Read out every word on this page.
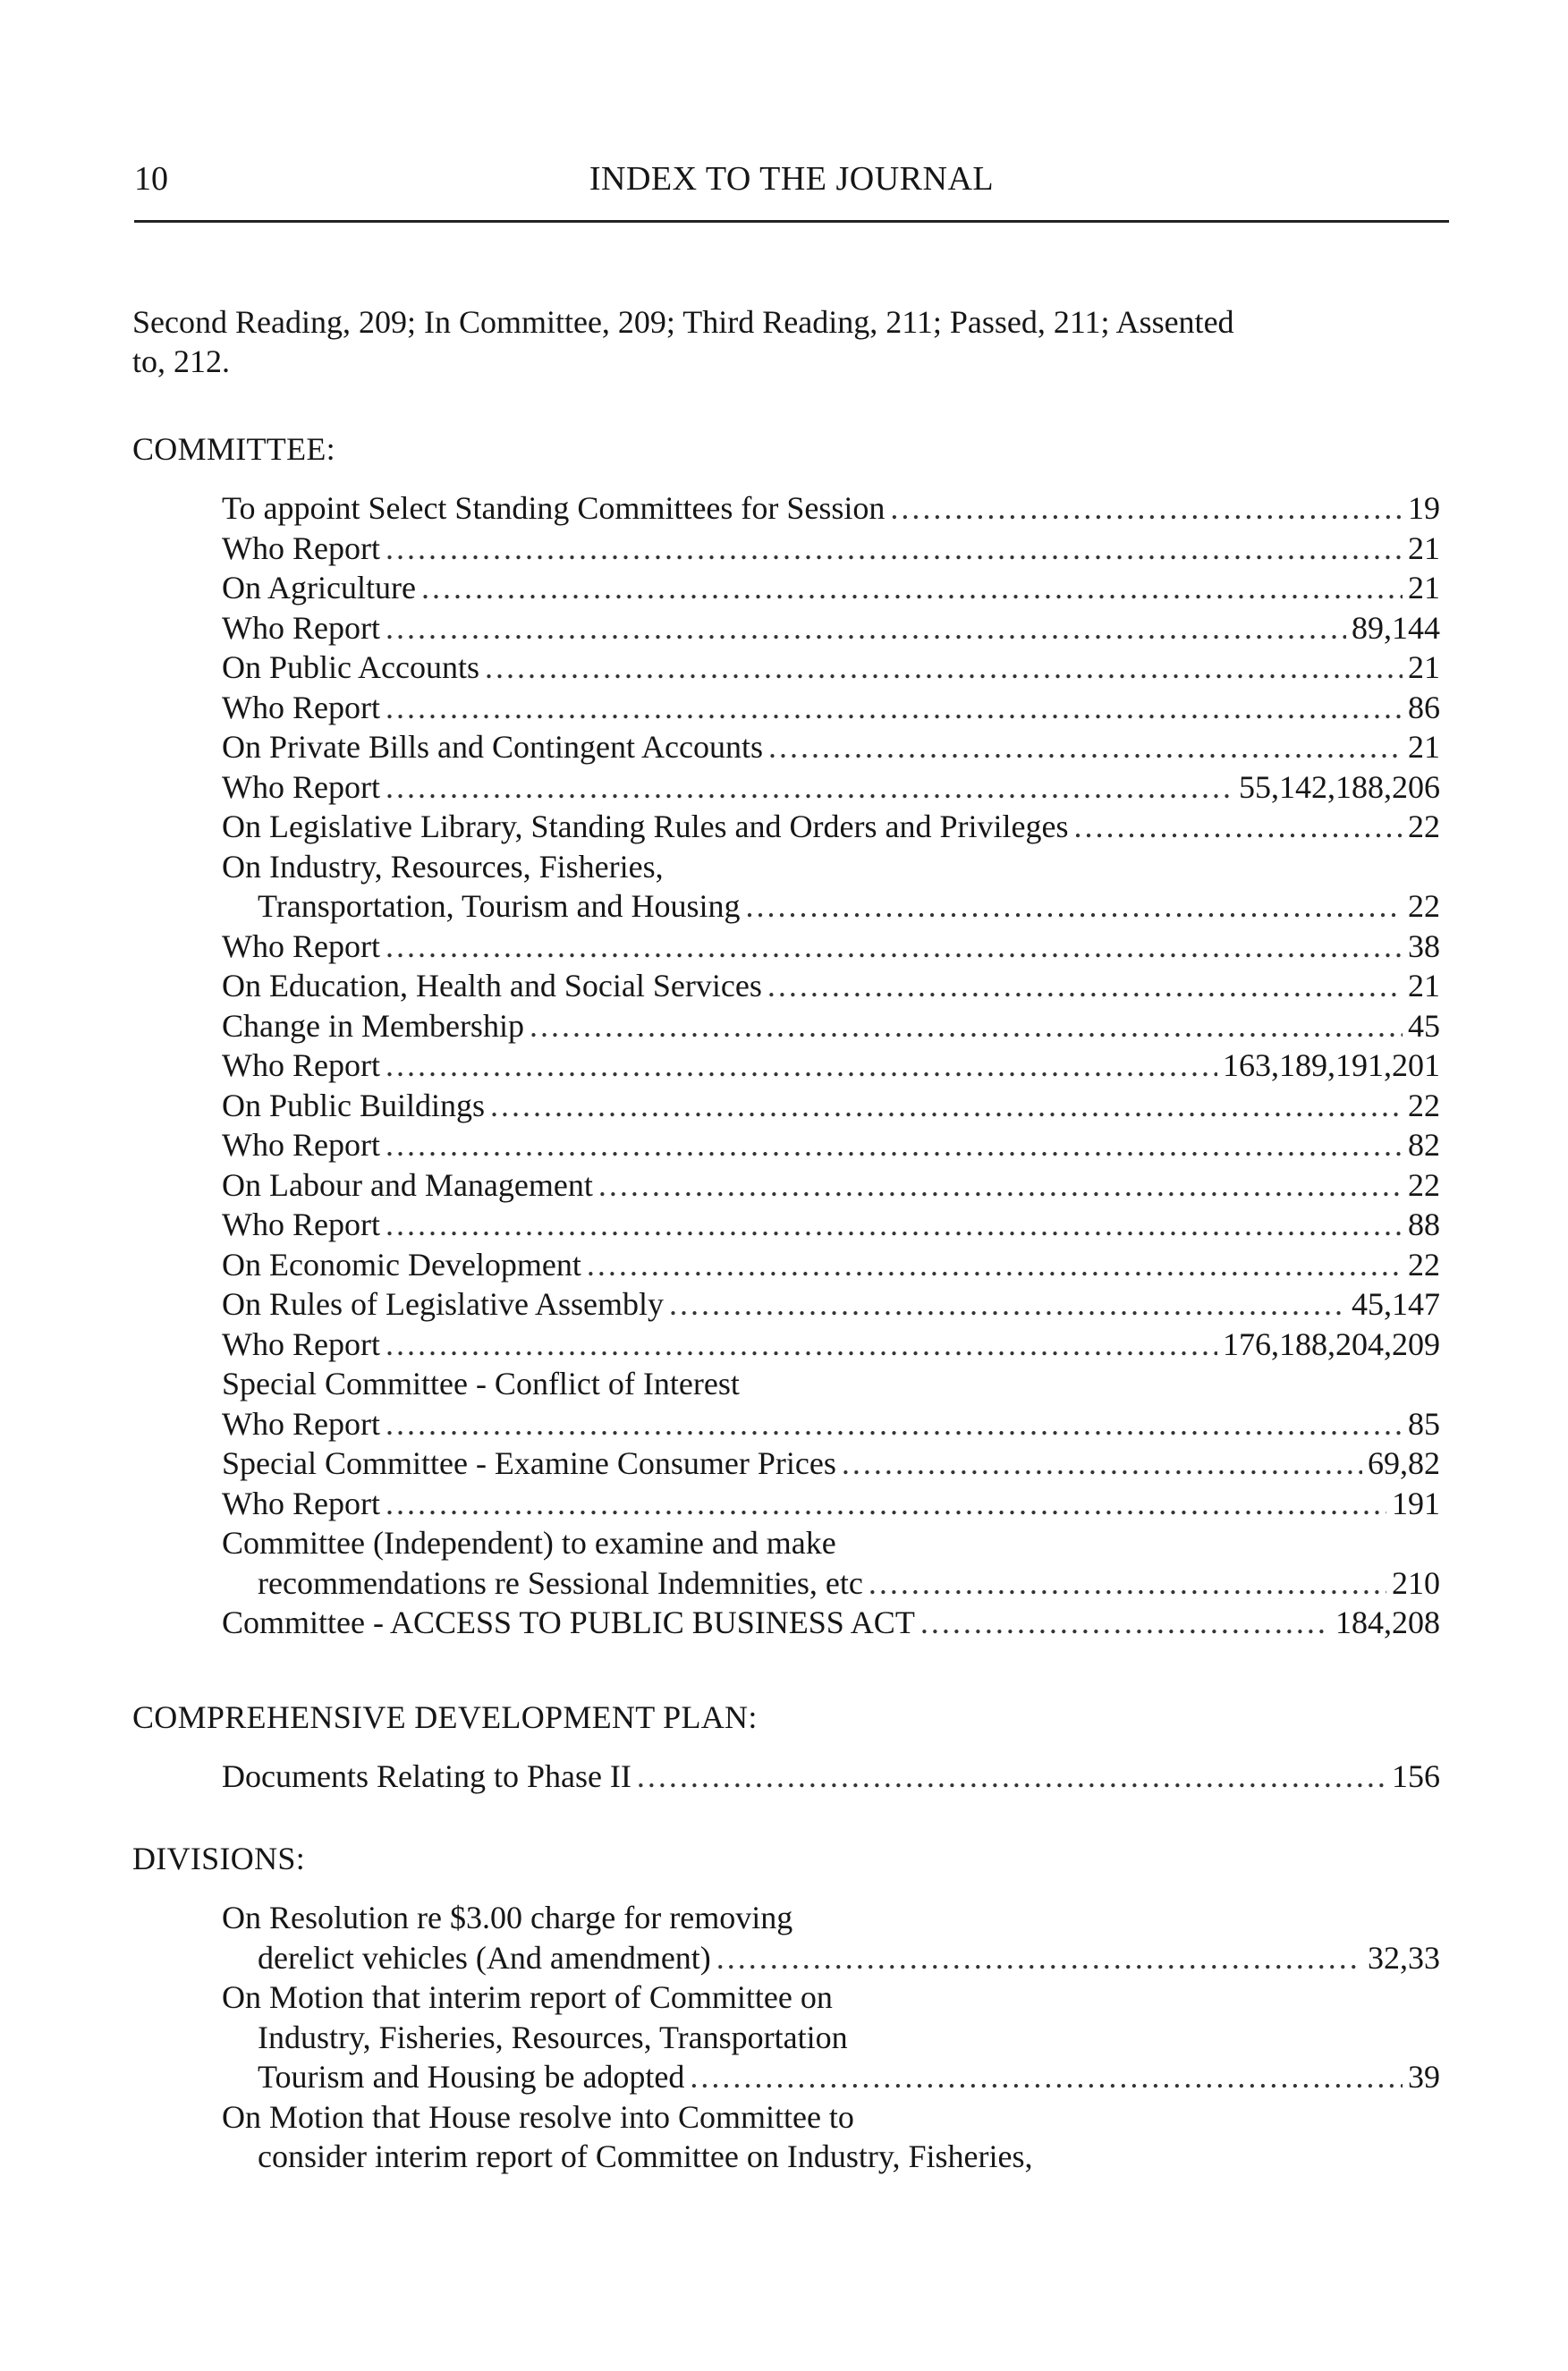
10	INDEX TO THE JOURNAL
Second Reading, 209; In Committee, 209; Third Reading, 211; Passed, 211; Assented
to, 212.
COMMITTEE:
To appoint Select Standing Committees for Session .....	19
Who Report .....	21
On Agriculture .....	21
Who Report .....	89,144
On Public Accounts .....	21
Who Report .....	86
On Private Bills and Contingent Accounts .....	21
Who Report .....	55,142,188,206
On Legislative Library, Standing Rules and Orders and Privileges .....	22
On Industry, Resources, Fisheries,
Transportation, Tourism and Housing .....	22
Who Report .....	38
On Education, Health and Social Services .....	21
Change in Membership .....	45
Who Report .....	163,189,191,201
On Public Buildings .....	22
Who Report .....	82
On Labour and Management .....	22
Who Report .....	88
On Economic Development .....	22
On Rules of Legislative Assembly .....	45,147
Who Report .....	176,188,204,209
Special Committee - Conflict of Interest
Who Report .....	85
Special Committee - Examine Consumer Prices .....	69,82
Who Report .....	191
Committee (Independent) to examine and make
recommendations re Sessional Indemnities, etc .....	210
Committee - ACCESS TO PUBLIC BUSINESS ACT .....	184,208
COMPREHENSIVE DEVELOPMENT PLAN:
Documents Relating to Phase II .....	156
DIVISIONS:
On Resolution re $3.00 charge for removing
derelict vehicles (And amendment) .....	32,33
On Motion that interim report of Committee on
Industry, Fisheries, Resources, Transportation
Tourism and Housing be adopted .....	39
On Motion that House resolve into Committee to
consider interim report of Committee on Industry, Fisheries,
